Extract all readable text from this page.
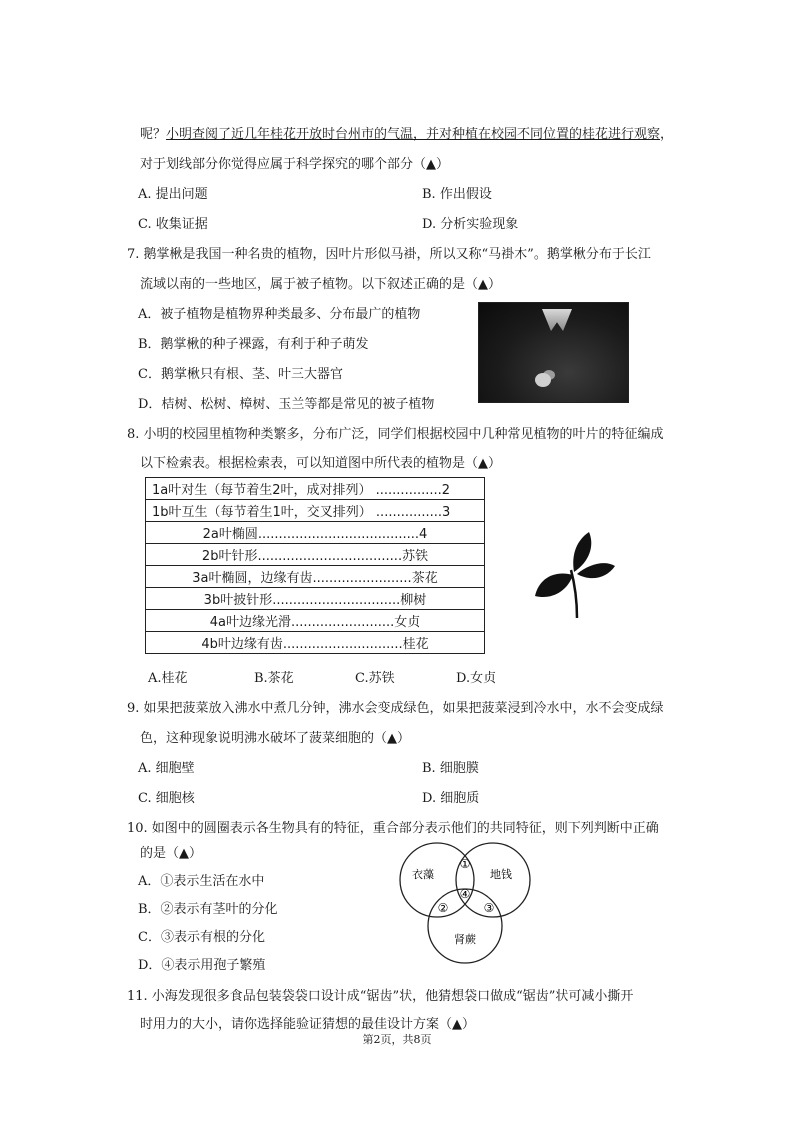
呢？小明查阅了近几年桂花开放时台州市的气温，并对种植在校园不同位置的桂花进行观察，
对于划线部分你觉得应属于科学探究的哪个部分（▲）
A. 提出问题	B. 作出假设
C. 收集证据	D. 分析实验现象
7. 鹅掌楸是我国一种名贵的植物，因叶片形似马褂，所以又称“马褂木”。鹅掌楸分布于长江
流域以南的一些地区，属于被子植物。以下叙述正确的是（▲）
A．被子植物是植物界种类最多、分布最广的植物
B．鹅掌楸的种子裸露，有利于种子萌发
C．鹅掌楸只有根、茎、叶三大器官
D．桔树、松树、樟树、玉兰等都是常见的被子植物
8. 小明的校园里植物种类繁多，分布广泛，同学们根据校园中几种常见植物的叶片的特征编成
以下检索表。根据检索表，可以知道图中所代表的植物是（▲）
1a叶对生（每节着生2叶，成对排列） ................2
1b叶互生（每节着生1叶，交叉排列） ................3
2a叶椭圆.......................................4
2b叶针形...................................苏铁
3a叶椭圆，边缘有齿........................茶花
3b叶披针形...............................柳树
4a叶边缘光滑.........................女贞
4b叶边缘有齿.............................桂花
A.桂花	B.茶花	C.苏铁	D.女贞
9. 如果把菠菜放入沸水中煮几分钟，沸水会变成绿色，如果把菠菜浸到冷水中，水不会变成绿
色，这种现象说明沸水破坏了菠菜细胞的（▲）
A. 细胞壁	B. 细胞膜
C. 细胞核	D. 细胞质
10. 如图中的圆圈表示各生物具有的特征，重合部分表示他们的共同特征，则下列判断中正确
的是（▲）
A．①表示生活在水中
B．②表示有茎叶的分化
C．③表示有根的分化
D．④表示用孢子繁殖
衣藻	地钱
肾蕨
①
②	③
④
11. 小海发现很多食品包装袋袋口设计成“锯齿”状，他猜想袋口做成“锯齿”状可减小撕开
时用力的大小，请你选择能验证猜想的最佳设计方案（▲）
第2页，共8页
